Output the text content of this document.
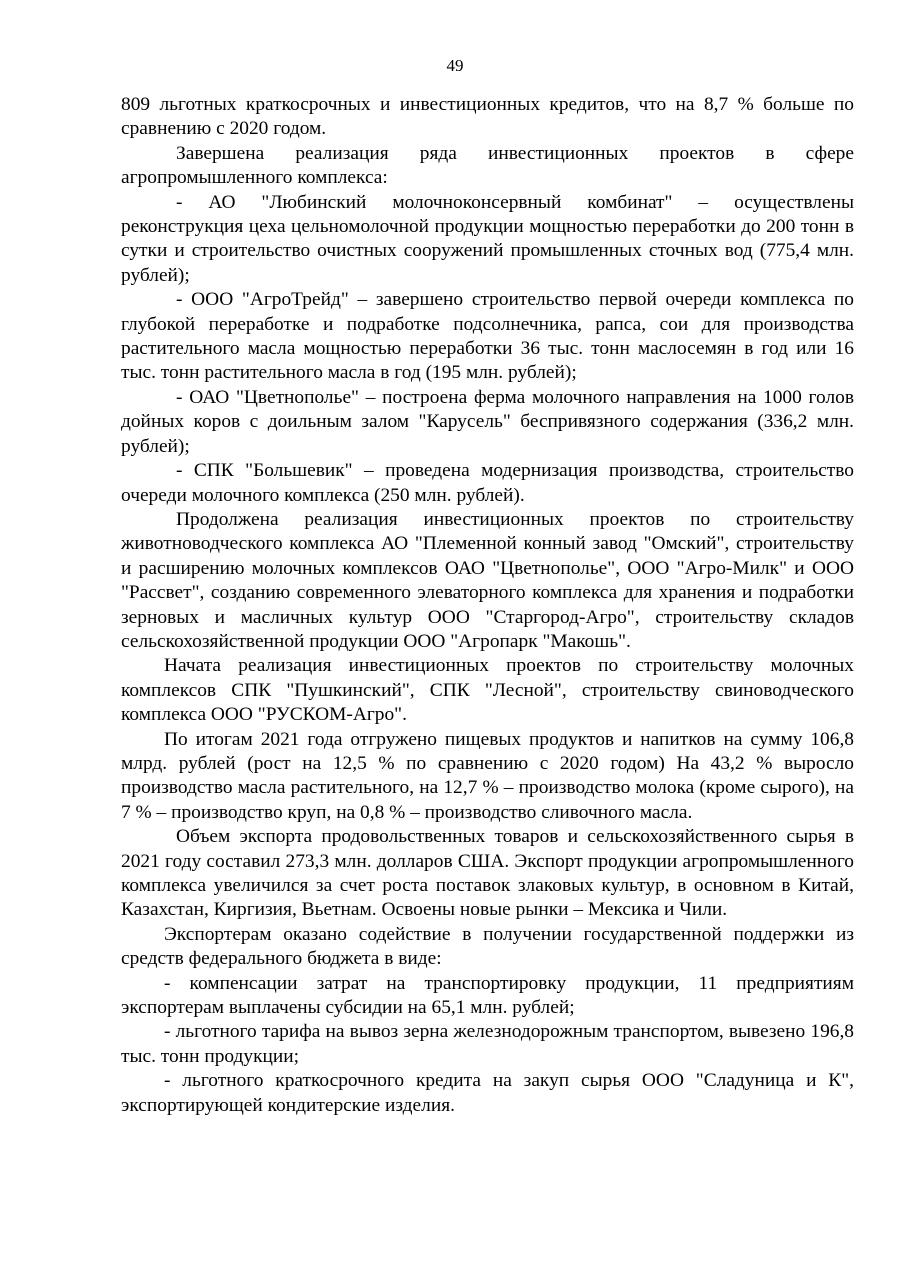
49

809 льготных краткосрочных и инвестиционных кредитов, что на 8,7 % больше по сравнению с 2020 годом.

Завершена реализация ряда инвестиционных проектов в сфере агропромышленного комплекса:

- АО "Любинский молочноконсервный комбинат" – осуществлены реконструкция цеха цельномолочной продукции мощностью переработки до 200 тонн в сутки и строительство очистных сооружений промышленных сточных вод (775,4 млн. рублей);

- ООО "АгроТрейд" – завершено строительство первой очереди комплекса по глубокой переработке и подработке подсолнечника, рапса, сои для производства растительного масла мощностью переработки 36 тыс. тонн маслосемян в год или 16 тыс. тонн растительного масла в год (195 млн. рублей);

- ОАО "Цветнополье" – построена ферма молочного направления на 1000 голов дойных коров с доильным залом "Карусель" беспривязного содержания (336,2 млн. рублей);

- СПК "Большевик" – проведена модернизация производства, строительство очереди молочного комплекса (250 млн. рублей).

Продолжена реализация инвестиционных проектов по строительству животноводческого комплекса АО "Племенной конный завод "Омский", строительству и расширению молочных комплексов ОАО "Цветнополье", ООО "Агро-Милк" и ООО "Рассвет", созданию современного элеваторного комплекса для хранения и подработки зерновых и масличных культур ООО "Старгород-Агро", строительству складов сельскохозяйственной продукции ООО "Агропарк "Макошь".

Начата реализация инвестиционных проектов по строительству молочных комплексов СПК "Пушкинский", СПК "Лесной", строительству свиноводческого комплекса ООО "РУСКОМ-Агро".

По итогам 2021 года отгружено пищевых продуктов и напитков на сумму 106,8 млрд. рублей (рост на 12,5 % по сравнению с 2020 годом) На 43,2 % выросло производство масла растительного, на 12,7 % – производство молока (кроме сырого), на 7 % – производство круп, на 0,8 % – производство сливочного масла.

Объем экспорта продовольственных товаров и сельскохозяйственного сырья в 2021 году составил 273,3 млн. долларов США. Экспорт продукции агропромышленного комплекса увеличился за счет роста поставок злаковых культур, в основном в Китай, Казахстан, Киргизия, Вьетнам. Освоены новые рынки – Мексика и Чили.

Экспортерам оказано содействие в получении государственной поддержки из средств федерального бюджета в виде:

- компенсации затрат на транспортировку продукции, 11 предприятиям экспортерам выплачены субсидии на 65,1 млн. рублей;

- льготного тарифа на вывоз зерна железнодорожным транспортом, вывезено 196,8 тыс. тонн продукции;

- льготного краткосрочного кредита на закуп сырья ООО "Сладуница и К", экспортирующей кондитерские изделия.
